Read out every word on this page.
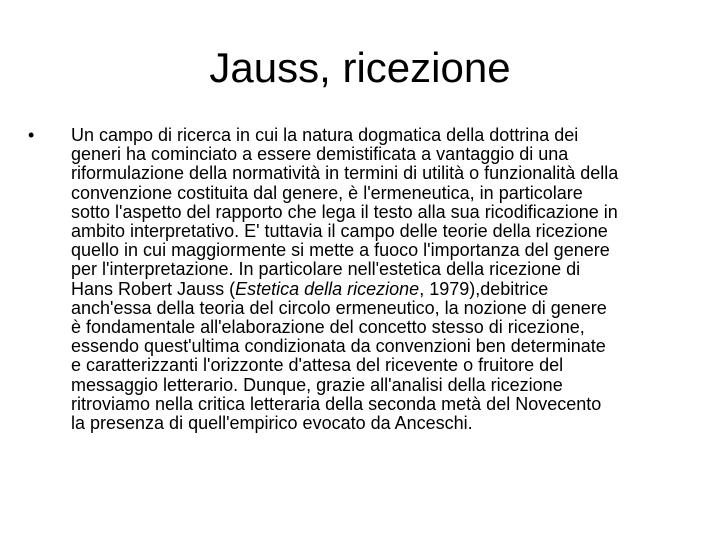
Jauss, ricezione
•	Un campo di ricerca in cui la natura dogmatica della dottrina dei
generi ha cominciato a essere demistificata a vantaggio di una
riformulazione della normatività in termini di utilità o funzionalità della
convenzione costituita dal genere, è l'ermeneutica, in particolare
sotto l'aspetto del rapporto che lega il testo alla sua ricodificazione in
ambito interpretativo. E' tuttavia il campo delle teorie della ricezione
quello in cui maggiormente si mette a fuoco l'importanza del genere
per l'interpretazione. In particolare nell'estetica della ricezione di
Hans Robert Jauss (Estetica della ricezione, 1979),debitrice
anch'essa della teoria del circolo ermeneutico, la nozione di genere
è fondamentale all'elaborazione del concetto stesso di ricezione,
essendo quest'ultima condizionata da convenzioni ben determinate
e caratterizzanti l'orizzonte d'attesa del ricevente o fruitore del
messaggio letterario. Dunque, grazie all'analisi della ricezione
ritroviamo nella critica letteraria della seconda metà del Novecento
la presenza di quell'empirico evocato da Anceschi.
